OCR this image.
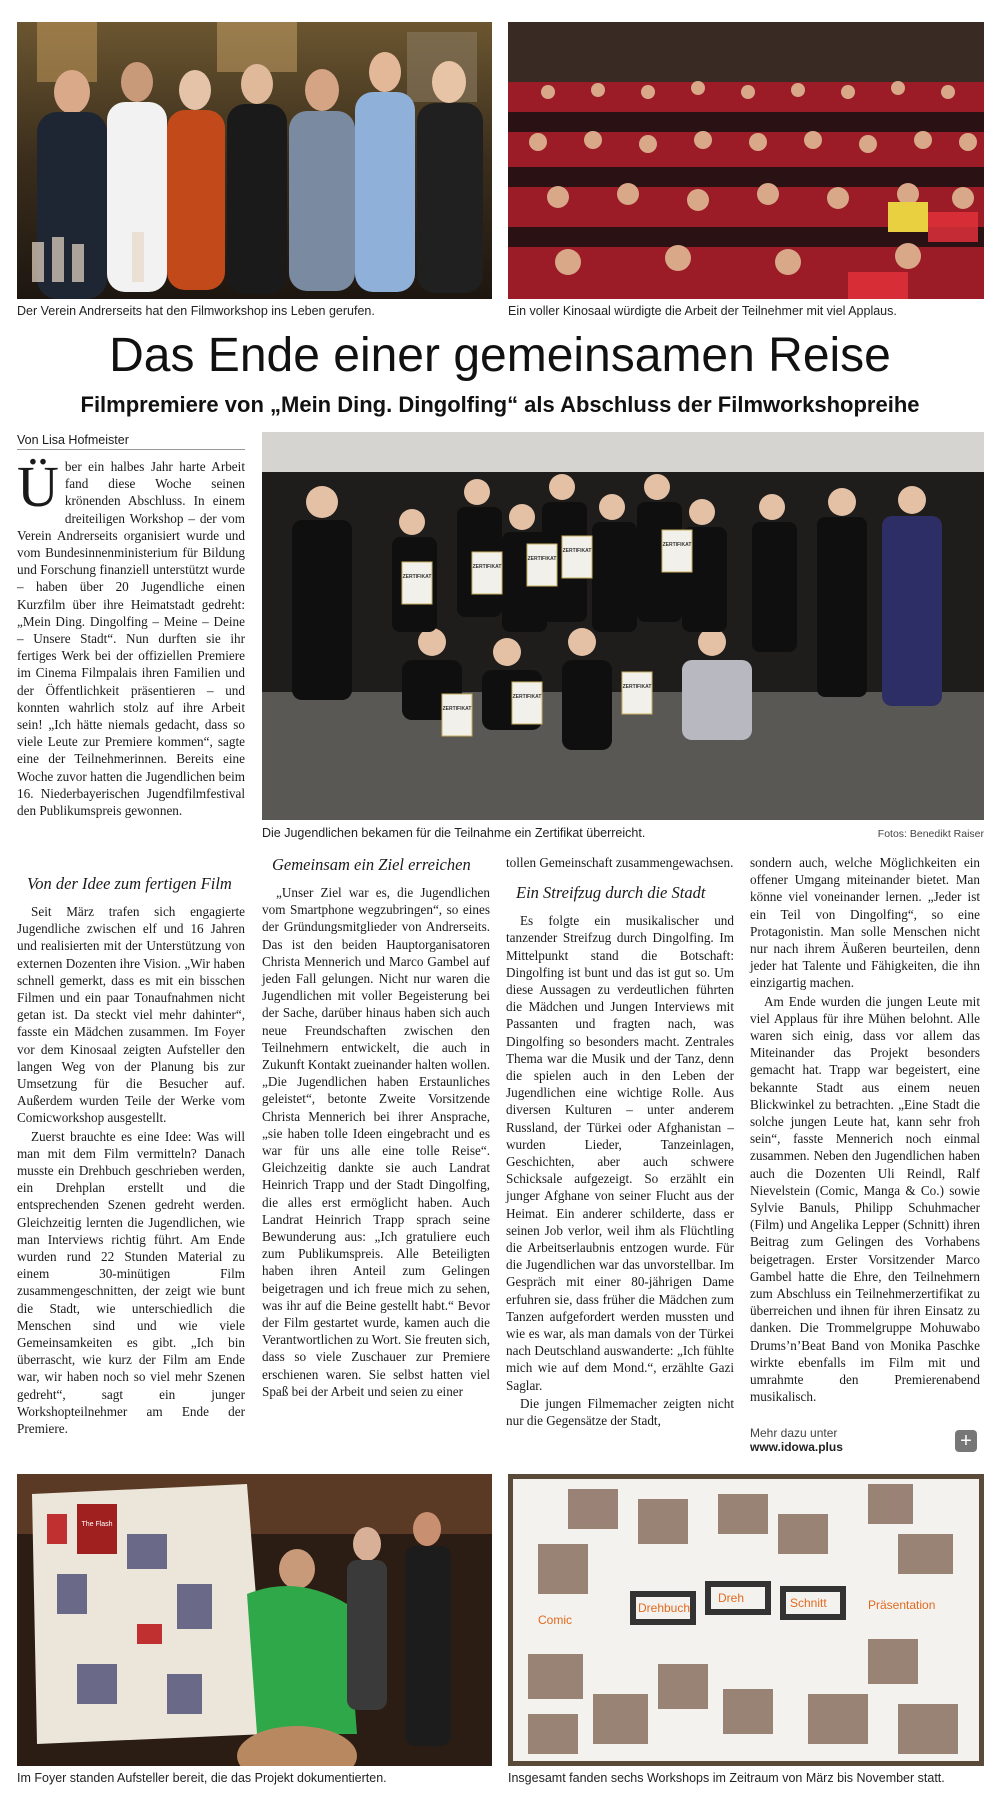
Der Verein Andrerseits hat den Filmworkshop ins Leben gerufen.	Ein voller Kinosaal würdigte die Arbeit der Teilnehmer mit viel Applaus.
Das Ende einer gemeinsamen Reise
Filmpremiere von „Mein Ding. Dingolfing“ als Abschluss der Filmworkshopreihe
Von Lisa Hofmeister

Über ein halbes Jahr harte Arbeit fand diese Woche seinen krönenden Abschluss. In einem dreiteiligen Workshop – der vom Verein Andrerseits organisiert wurde und vom Bundesinnenministerium für Bildung und Forschung finanziell unterstützt wurde – haben über 20 Jugendliche einen Kurzfilm über ihre Heimatstadt gedreht: „Mein Ding. Dingolfing – Meine – Deine – Unsere Stadt“. Nun durften sie ihr fertiges Werk bei der offiziellen Premiere im Cinema Filmpalais ihren Familien und der Öffentlichkeit präsentieren – und konnten wahrlich stolz auf ihre Arbeit sein! „Ich hätte niemals gedacht, dass so viele Leute zur Premiere kommen“, sagte eine der Teilnehmerinnen. Bereits eine Woche zuvor hatten die Jugendlichen beim 16. Niederbayerischen Jugendfilmfestival den Publikumspreis gewonnen.

ZERTIFIKAT
ZERTIFIKAT
ZERTIFIKAT
ZERTIFIKAT
ZERTIFIKAT
ZERTIFIKAT
ZERTIFIKAT
ZERTIFIKAT
Die Jugendlichen bekamen für die Teilnahme ein Zertifikat überreicht.	Fotos: Benedikt Raiser
Von der Idee zum fertigen Film

Seit März trafen sich engagierte Jugendliche zwischen elf und 16 Jahren und realisierten mit der Unterstützung von externen Dozenten ihre Vision. „Wir haben schnell gemerkt, dass es mit ein bisschen Filmen und ein paar Tonaufnahmen nicht getan ist. Da steckt viel mehr dahinter“, fasste ein Mädchen zusammen. Im Foyer vor dem Kinosaal zeigten Aufsteller den langen Weg von der Planung bis zur Umsetzung für die Besucher auf. Außerdem wurden Teile der Werke vom Comicworkshop ausgestellt.

Zuerst brauchte es eine Idee: Was will man mit dem Film vermitteln? Danach musste ein Drehbuch geschrieben werden, ein Drehplan erstellt und die entsprechenden Szenen gedreht werden. Gleichzeitig lernten die Jugendlichen, wie man Interviews richtig führt. Am Ende wurden rund 22 Stunden Material zu einem 30-minütigen Film zusammengeschnitten, der zeigt wie bunt die Stadt, wie unterschiedlich die Menschen sind und wie viele Gemeinsamkeiten es gibt. „Ich bin überrascht, wie kurz der Film am Ende war, wir haben noch so viel mehr Szenen gedreht“, sagt ein junger Workshopteilnehmer am Ende der Premiere.

Gemeinsam ein Ziel erreichen

„Unser Ziel war es, die Jugendlichen vom Smartphone wegzubringen“, so eines der Gründungsmitglieder von Andrerseits. Das ist den beiden Hauptorganisatoren Christa Mennerich und Marco Gambel auf jeden Fall gelungen. Nicht nur waren die Jugendlichen mit voller Begeisterung bei der Sache, darüber hinaus haben sich auch neue Freundschaften zwischen den Teilnehmern entwickelt, die auch in Zukunft Kontakt zueinander halten wollen. „Die Jugendlichen haben Erstaunliches geleistet“, betonte Zweite Vorsitzende Christa Mennerich bei ihrer Ansprache, „sie haben tolle Ideen eingebracht und es war für uns alle eine tolle Reise“. Gleichzeitig dankte sie auch Landrat Heinrich Trapp und der Stadt Dingolfing, die alles erst ermöglicht haben. Auch Landrat Heinrich Trapp sprach seine Bewunderung aus: „Ich gratuliere euch zum Publikumspreis. Alle Beteiligten haben ihren Anteil zum Gelingen beigetragen und ich freue mich zu sehen, was ihr auf die Beine gestellt habt.“ Bevor der Film gestartet wurde, kamen auch die Verantwortlichen zu Wort. Sie freuten sich, dass so viele Zuschauer zur Premiere erschienen waren. Sie selbst hatten viel Spaß bei der Arbeit und seien zu einer

tollen Gemeinschaft zusammengewachsen.

Ein Streifzug durch die Stadt

Es folgte ein musikalischer und tanzender Streifzug durch Dingolfing. Im Mittelpunkt stand die Botschaft: Dingolfing ist bunt und das ist gut so. Um diese Aussagen zu verdeutlichen führten die Mädchen und Jungen Interviews mit Passanten und fragten nach, was Dingolfing so besonders macht. Zentrales Thema war die Musik und der Tanz, denn die spielen auch in den Leben der Jugendlichen eine wichtige Rolle. Aus diversen Kulturen – unter anderem Russland, der Türkei oder Afghanistan – wurden Lieder, Tanzeinlagen, Geschichten, aber auch schwere Schicksale aufgezeigt. So erzählt ein junger Afghane von seiner Flucht aus der Heimat. Ein anderer schilderte, dass er seinen Job verlor, weil ihm als Flüchtling die Arbeitserlaubnis entzogen wurde. Für die Jugendlichen war das unvorstellbar. Im Gespräch mit einer 80-jährigen Dame erfuhren sie, dass früher die Mädchen zum Tanzen aufgefordert werden mussten und wie es war, als man damals von der Türkei nach Deutschland auswanderte: „Ich fühlte mich wie auf dem Mond.“, erzählte Gazi Saglar.

Die jungen Filmemacher zeigten nicht nur die Gegensätze der Stadt,

sondern auch, welche Möglichkeiten ein offener Umgang miteinander bietet. Man könne viel voneinander lernen. „Jeder ist ein Teil von Dingolfing“, so eine Protagonistin. Man solle Menschen nicht nur nach ihrem Äußeren beurteilen, denn jeder hat Talente und Fähigkeiten, die ihn einzigartig machen.

Am Ende wurden die jungen Leute mit viel Applaus für ihre Mühen belohnt. Alle waren sich einig, dass vor allem das Miteinander das Projekt besonders gemacht hat. Trapp war begeistert, eine bekannte Stadt aus einem neuen Blickwinkel zu betrachten. „Eine Stadt die solche jungen Leute hat, kann sehr froh sein“, fasste Mennerich noch einmal zusammen. Neben den Jugendlichen haben auch die Dozenten Uli Reindl, Ralf Nievelstein (Comic, Manga & Co.) sowie Sylvie Banuls, Philipp Schuhmacher (Film) und Angelika Lepper (Schnitt) ihren Beitrag zum Gelingen des Vorhabens beigetragen. Erster Vorsitzender Marco Gambel hatte die Ehre, den Teilnehmern zum Abschluss ein Teilnehmerzertifikat zu überreichen und ihnen für ihren Einsatz zu danken. Die Trommelgruppe Mohuwabo Drums’n’Beat Band von Monika Paschke wirkte ebenfalls im Film mit und umrahmte den Premierenabend musikalisch.

Mehr dazu unter
www.idowa.plus	+
The Flash
Im Foyer standen Aufsteller bereit, die das Projekt dokumentierten.
Comic
Drehbuch
Dreh	Schnitt	Präsentation
Insgesamt fanden sechs Workshops im Zeitraum von März bis November statt.
